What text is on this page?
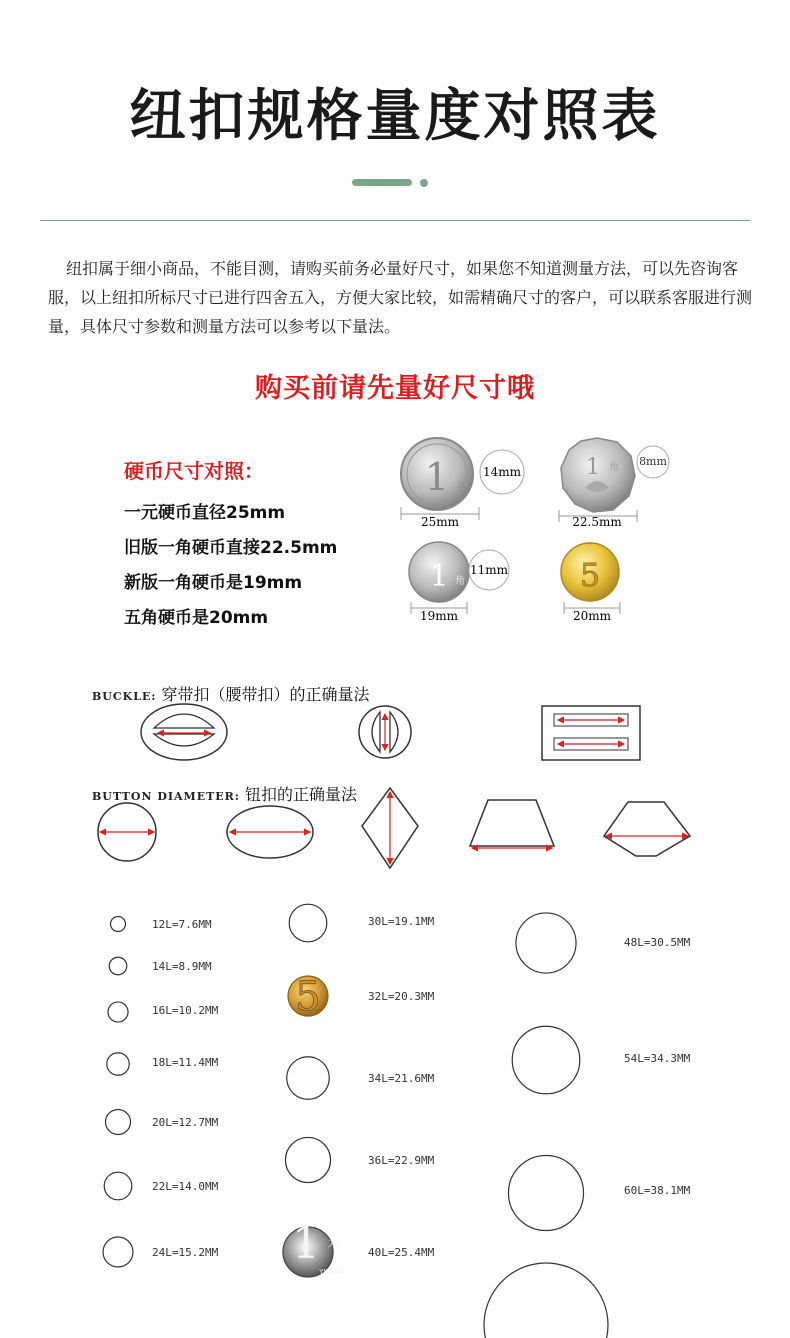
纽扣规格量度对照表
纽扣属于细小商品，不能目测，请购买前务必量好尺寸，如果您不知道测量方法，可以先咨询客服，以上纽扣所标尺寸已进行四舍五入，方便大家比较，如需精确尺寸的客户，可以联系客服进行测量，具体尺寸参数和测量方法可以参考以下量法。
购买前请先量好尺寸哦
硬币尺寸对照：
一元硬币直径25mm
旧版一角硬币直接22.5mm
新版一角硬币是19mm
五角硬币是20mm
1 元
14mm
25mm
1 角 8mm
22.5mm
1 角
11mm
19mm
5
20mm
BUCKLE: 穿带扣（腰带扣）的正确量法
BUTTON DIAMETER: 钮扣的正确量法
12L=7.6MM
14L=8.9MM
16L=10.2MM
18L=11.4MM
20L=12.7MM
22L=14.0MM
24L=15.2MM
30L=19.1MM
5	32L=20.3MM
34L=21.6MM
36L=22.9MM
1 元
YIYUAN
40L=25.4MM
48L=30.5MM
54L=34.3MM
60L=38.1MM
